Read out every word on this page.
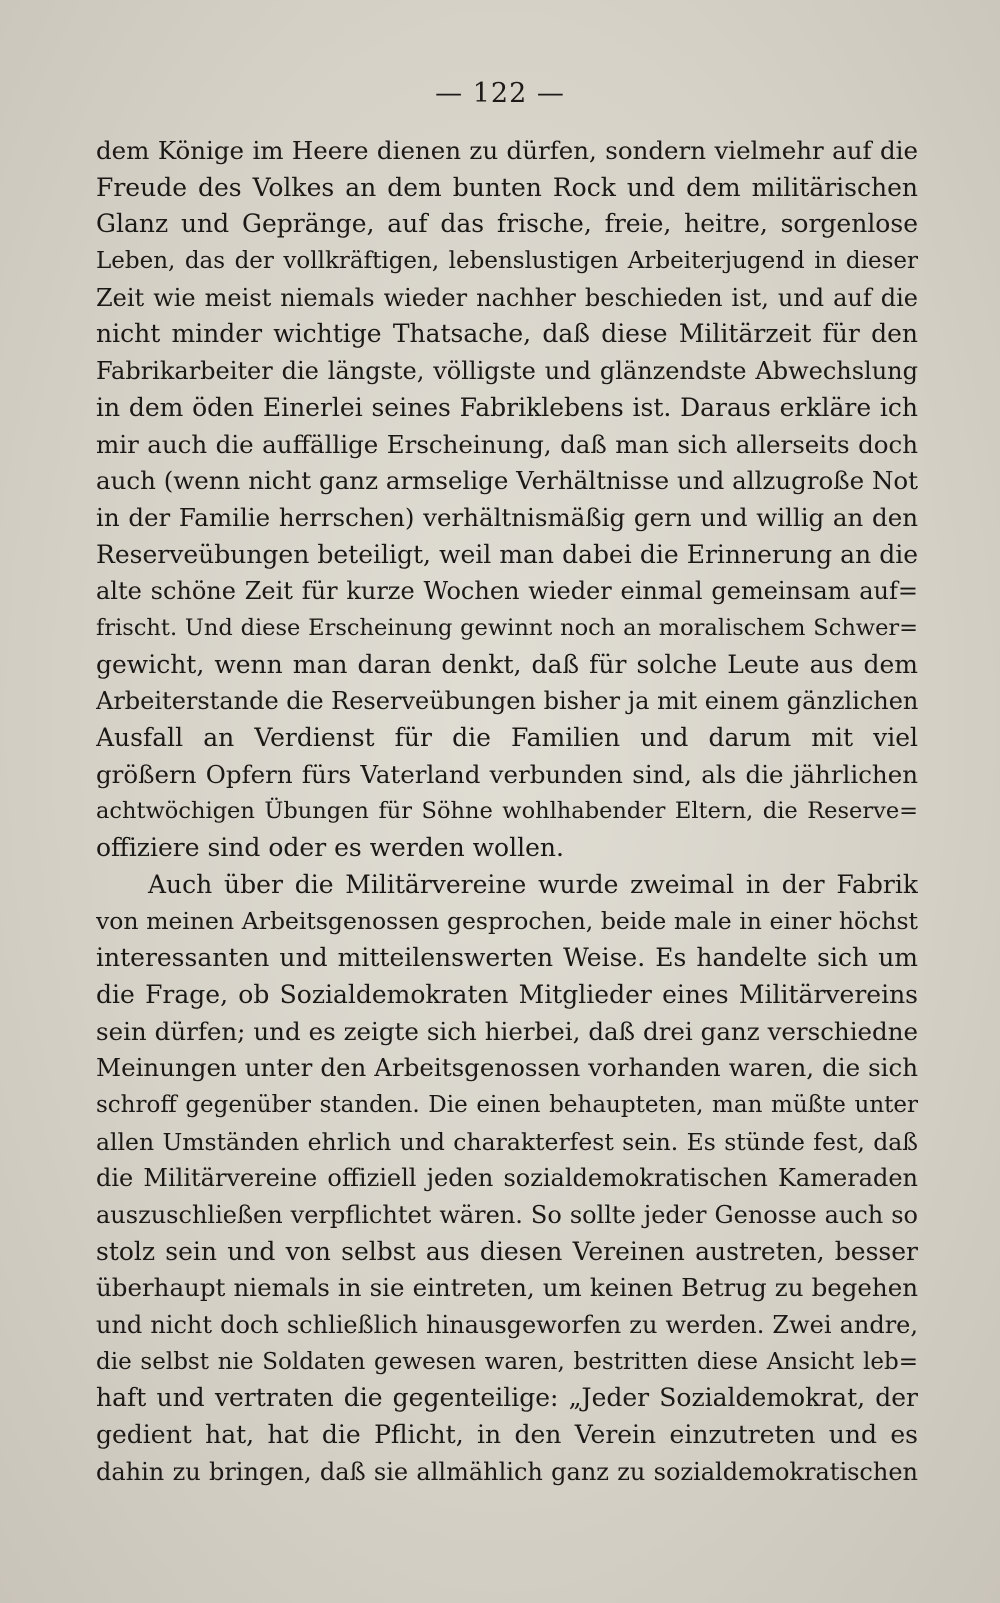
— 122 —
dem Könige im Heere dienen zu dürfen, sondern vielmehr auf die
Freude des Volkes an dem bunten Rock und dem militärischen
Glanz und Gepränge, auf das frische, freie, heitre, sorgenlose
Leben, das der vollkräftigen, lebenslustigen Arbeiterjugend in dieser
Zeit wie meist niemals wieder nachher beschieden ist, und auf die
nicht minder wichtige Thatsache, daß diese Militärzeit für den
Fabrikarbeiter die längste, völligste und glänzendste Abwechslung
in dem öden Einerlei seines Fabriklebens ist. Daraus erkläre ich
mir auch die auffällige Erscheinung, daß man sich allerseits doch
auch (wenn nicht ganz armselige Verhältnisse und allzugroße Not
in der Familie herrschen) verhältnismäßig gern und willig an den
Reserveübungen beteiligt, weil man dabei die Erinnerung an die
alte schöne Zeit für kurze Wochen wieder einmal gemeinsam auf=
frischt. Und diese Erscheinung gewinnt noch an moralischem Schwer=
gewicht, wenn man daran denkt, daß für solche Leute aus dem
Arbeiterstande die Reserveübungen bisher ja mit einem gänzlichen
Ausfall an Verdienst für die Familien und darum mit viel
größern Opfern fürs Vaterland verbunden sind, als die jährlichen
achtwöchigen Übungen für Söhne wohlhabender Eltern, die Reserve=
offiziere sind oder es werden wollen.
Auch über die Militärvereine wurde zweimal in der Fabrik
von meinen Arbeitsgenossen gesprochen, beide male in einer höchst
interessanten und mitteilenswerten Weise. Es handelte sich um
die Frage, ob Sozialdemokraten Mitglieder eines Militärvereins
sein dürfen; und es zeigte sich hierbei, daß drei ganz verschiedne
Meinungen unter den Arbeitsgenossen vorhanden waren, die sich
schroff gegenüber standen. Die einen behaupteten, man müßte unter
allen Umständen ehrlich und charakterfest sein. Es stünde fest, daß
die Militärvereine offiziell jeden sozialdemokratischen Kameraden
auszuschließen verpflichtet wären. So sollte jeder Genosse auch so
stolz sein und von selbst aus diesen Vereinen austreten, besser
überhaupt niemals in sie eintreten, um keinen Betrug zu begehen
und nicht doch schließlich hinausgeworfen zu werden. Zwei andre,
die selbst nie Soldaten gewesen waren, bestritten diese Ansicht leb=
haft und vertraten die gegenteilige: „Jeder Sozialdemokrat, der
gedient hat, hat die Pflicht, in den Verein einzutreten und es
dahin zu bringen, daß sie allmählich ganz zu sozialdemokratischen
